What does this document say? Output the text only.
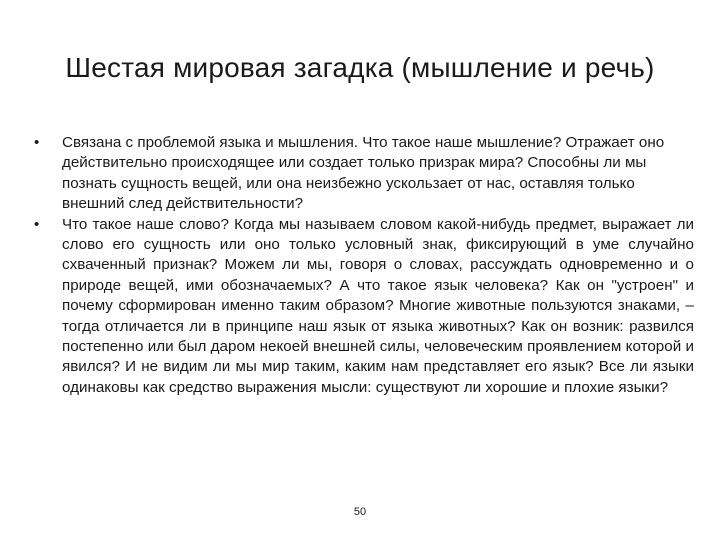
Шестая мировая загадка (мышление и речь)
•	Связана с проблемой языка и мышления. Что такое наше мышление? Отражает оно действительно происходящее или создает только призрак мира? Способны ли мы познать сущность вещей, или она неизбежно ускользает от нас, оставляя только внешний след действительности?
•	Что такое наше слово? Когда мы называем словом какой-нибудь предмет, выражает ли слово его сущность или оно только условный знак, фиксирующий в уме случайно схваченный признак? Можем ли мы, говоря о словах, рассуждать одновременно и о природе вещей, ими обозначаемых? А что такое язык человека? Как он "устроен" и почему сформирован именно таким образом? Многие животные пользуются знаками, – тогда отличается ли в принципе наш язык от языка животных? Как он возник: развился постепенно или был даром некоей внешней силы, человеческим проявлением которой и явился? И не видим ли мы мир таким, каким нам представляет его язык? Все ли языки одинаковы как средство выражения мысли: существуют ли хорошие и плохие языки?
50
